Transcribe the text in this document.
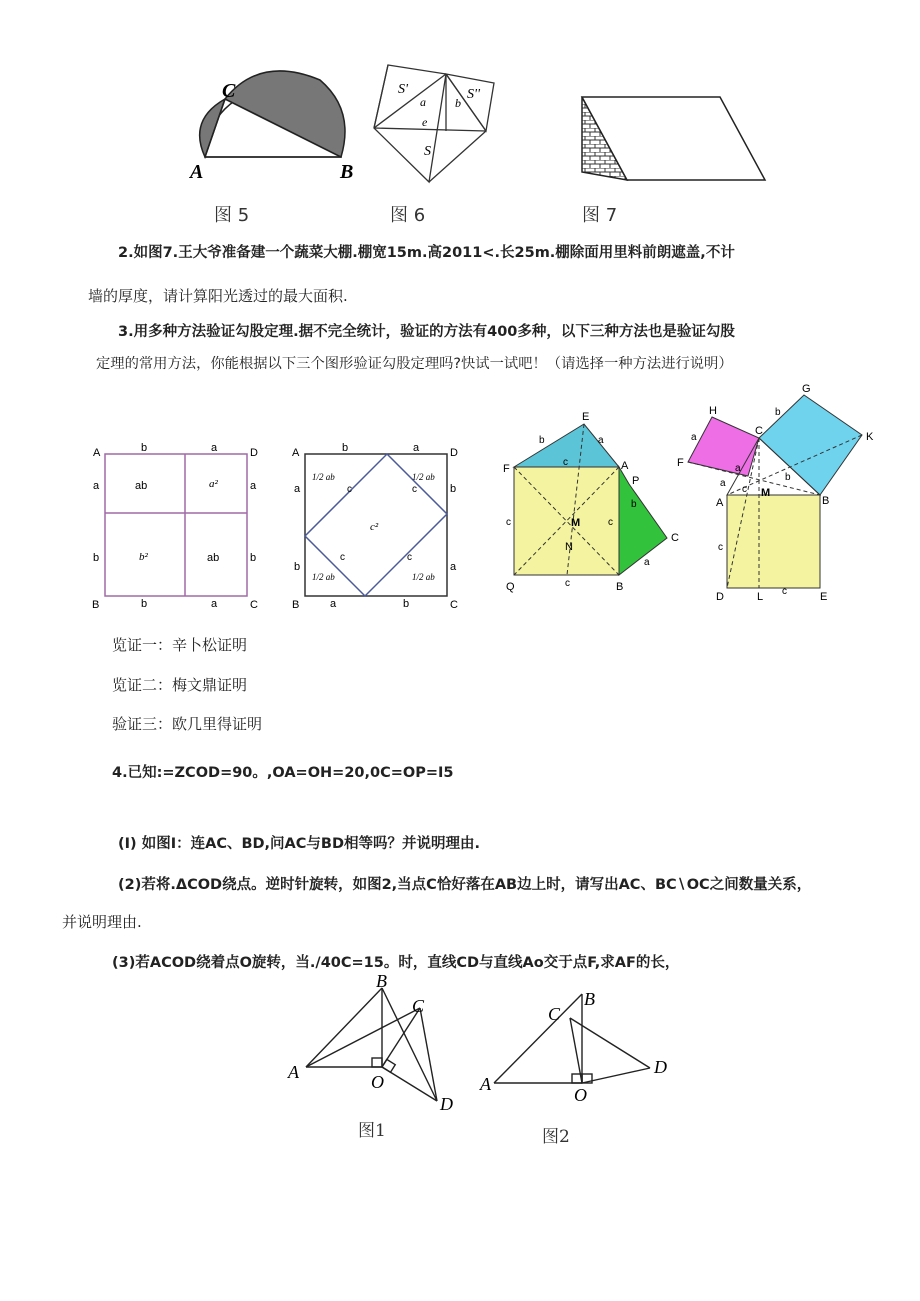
C
A	B
S'
a b
S''
e
S
图 5	图 6	图 7
2.如图7.王大爷准备建一个蔬菜大棚.棚宽15m.高2011<.长25m.棚除面用里料前朗遮盖,不计
墙的厚度，请计算阳光透过的最大面积.
3.用多种方法验证勾股定理.据不完全统计，验证的方法有400多种，以下三种方法也是验证勾股
定理的常用方法，你能根据以下三个图形验证勾股定理吗?快试一试吧！（请选择一种方法进行说明）
A	D
B	C
b	a
b	a
a
b
a
b
ab	a²
b²	ab
A	D
B	C
b	a
a	b
a
b
b
a
c	c
c	c
1/2 ab	1/2 ab
1/2 ab	1/2 ab
c²
E
F	A
P
C
Q	B
M
N
b	a
c
c
c
c
b
a
H
G
K
F
C
A	B
M
D	L	E
a
b
a
b
a
c
c
c
览证一：辛卜松证明
览证二：梅文鼎证明
验证三：欧几里得证明
4.已知:=ZCOD=90。,OA=OH=20,0C=OP=I5
(I) 如图I：连AC、BD,问AC与BD相等吗？并说明理由.
(2)若将.ΔCOD绕点。逆时针旋转，如图2,当点C恰好落在AB边上时，请写出AC、BC∖OC之间数量关系，
并说明理由.
(3)若ACOD绕着点O旋转，当./40C=15。时，直线CD与直线Ao交于点F,求AF的长，
B
C
A	O
D
B
C
A
O
D
图1	图2
